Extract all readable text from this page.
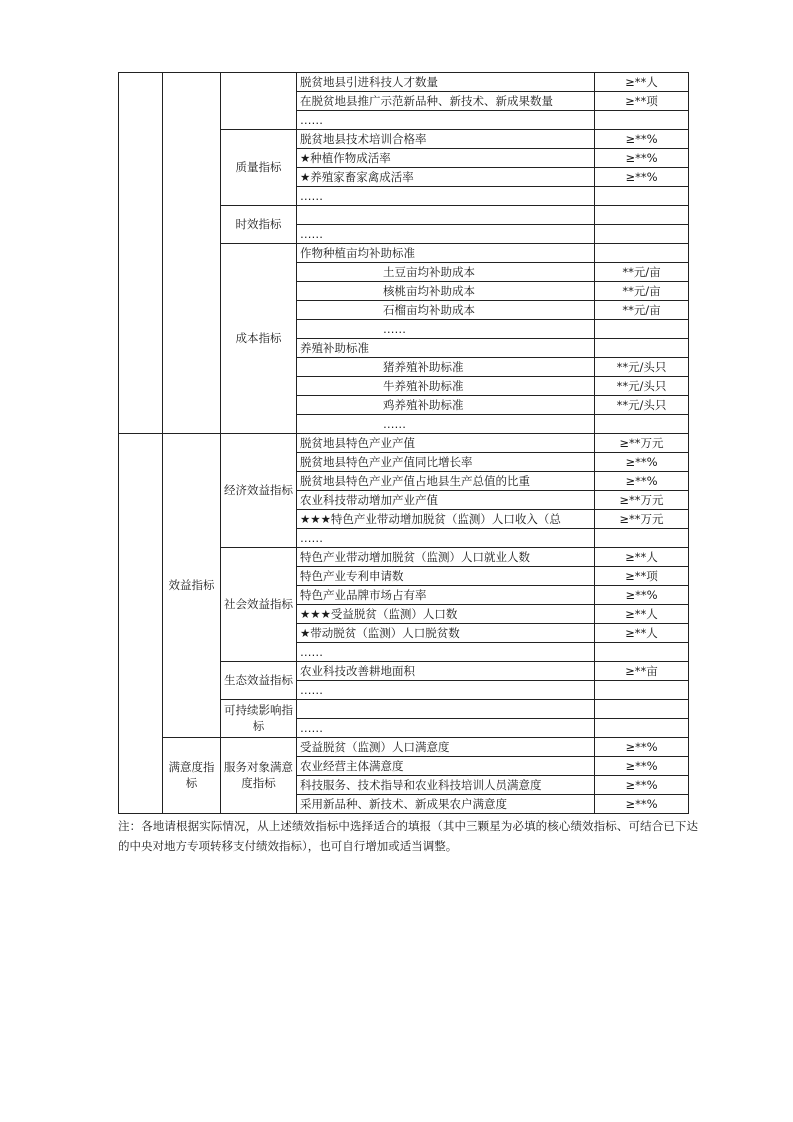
			脱贫地县引进科技人才数量	≥**人
			在脱贫地县推广示范新品种、新技术、新成果数量	≥**项
			……	
		质量指标	脱贫地县技术培训合格率	≥**%
			★种植作物成活率	≥**%
			★养殖家畜家禽成活率	≥**%
			……	
		时效指标		
			……	
		成本指标	作物种植亩均补助标准	
			土豆亩均补助成本	**元/亩
			核桃亩均补助成本	**元/亩
			石榴亩均补助成本	**元/亩
			……	
			养殖补助标准	
			猪养殖补助标准	**元/头只
			牛养殖补助标准	**元/头只
			鸡养殖补助标准	**元/头只
			……	
	效益指标	经济效益指标	脱贫地县特色产业产值	≥**万元
			脱贫地县特色产业产值同比增长率	≥**%
			脱贫地县特色产业产值占地县生产总值的比重	≥**%
			农业科技带动增加产业产值	≥**万元
			★★★特色产业带动增加脱贫（监测）人口收入（总	≥**万元
			……	
		社会效益指标	特色产业带动增加脱贫（监测）人口就业人数	≥**人
			特色产业专利申请数	≥**项
			特色产业品牌市场占有率	≥**%
			★★★受益脱贫（监测）人口数	≥**人
			★带动脱贫（监测）人口脱贫数	≥**人
			……	
		生态效益指标	农业科技改善耕地面积	≥**亩
			……	
		可持续影响指标		
			……	
	满意度指标	服务对象满意度指标	受益脱贫（监测）人口满意度	≥**%
			农业经营主体满意度	≥**%
			科技服务、技术指导和农业科技培训人员满意度	≥**%
			采用新品种、新技术、新成果农户满意度	≥**%

注：各地请根据实际情况，从上述绩效指标中选择适合的填报（其中三颗星为必填的核心绩效指标、可结合已下达的中央对地方专项转移支付绩效指标），也可自行增加或适当调整。
